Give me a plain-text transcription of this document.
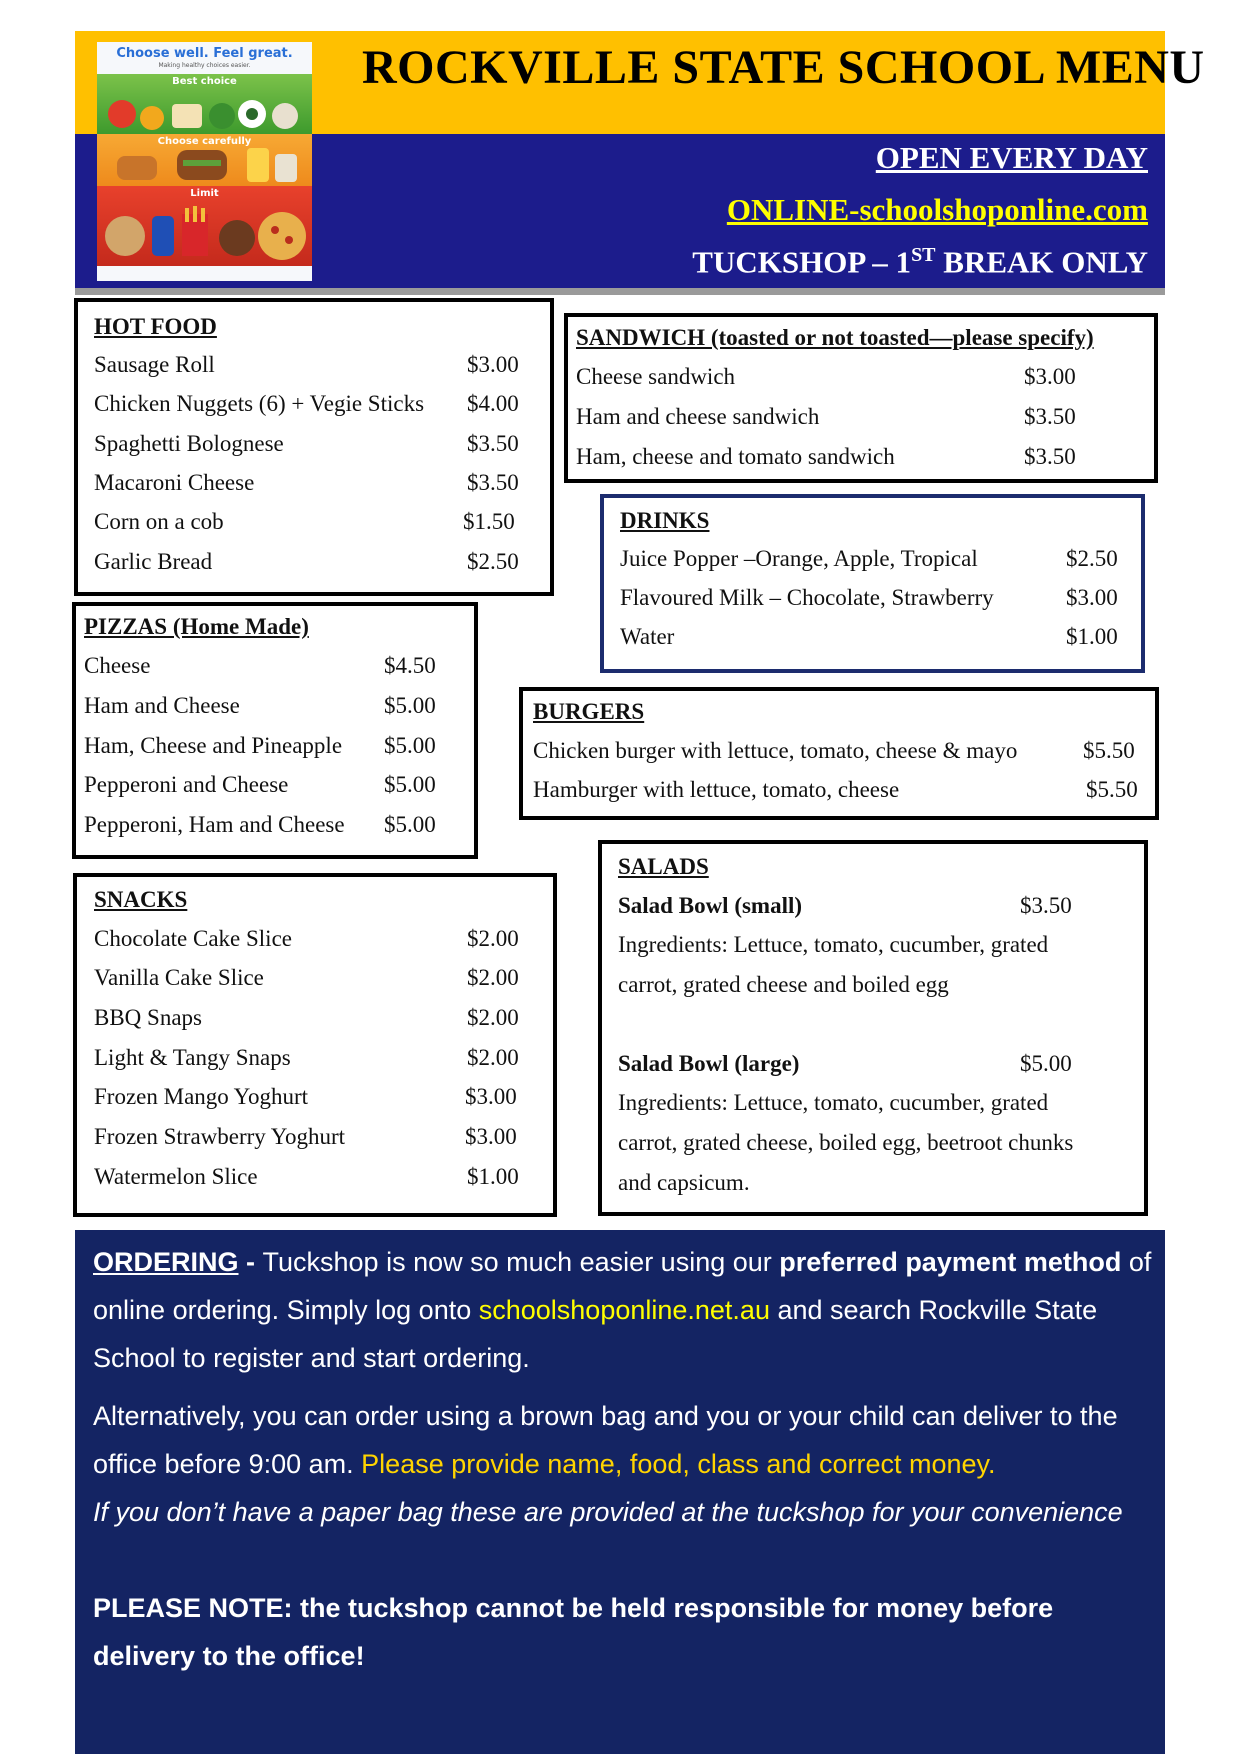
ROCKVILLE STATE SCHOOL MENU
OPEN EVERY DAY
ONLINE-schoolshoponline.com
TUCKSHOP – 1ST BREAK ONLY
Choose well. Feel great.
Making healthy choices easier.
Best choice
Choose carefully
Limit
HOT FOOD
Sausage Roll	$3.00
Chicken Nuggets (6) + Vegie Sticks $4.00
Spaghetti Bolognese	$3.50
Macaroni Cheese	$3.50
Corn on a cob	$1.50
Garlic Bread	$2.50
SANDWICH (toasted or not toasted—please specify)
Cheese sandwich	$3.00
Ham and cheese sandwich	$3.50
Ham, cheese and tomato sandwich	$3.50
DRINKS
Juice Popper –Orange, Apple, Tropical	$2.50
Flavoured Milk – Chocolate, Strawberry	$3.00
Water	$1.00
PIZZAS (Home Made)
Cheese	$4.50
Ham and Cheese	$5.00
Ham, Cheese and Pineapple $5.00
Pepperoni and Cheese	$5.00
Pepperoni, Ham and Cheese $5.00
BURGERS
Chicken burger with lettuce, tomato, cheese & mayo	$5.50
Hamburger with lettuce, tomato, cheese	$5.50
SNACKS
Chocolate Cake Slice	$2.00
Vanilla Cake Slice	$2.00
BBQ Snaps	$2.00
Light & Tangy Snaps	$2.00
Frozen Mango Yoghurt	$3.00
Frozen Strawberry Yoghurt	$3.00
Watermelon Slice	$1.00
SALADS
Salad Bowl (small)	$3.50
Ingredients: Lettuce, tomato, cucumber, grated
carrot, grated cheese and boiled egg
Salad Bowl (large)	$5.00
Ingredients: Lettuce, tomato, cucumber, grated
carrot, grated cheese, boiled egg, beetroot chunks
and capsicum.
ORDERING - Tuckshop is now so much easier using our preferred payment method of online ordering. Simply log onto schoolshoponline.net.au and search Rockville State School to register and start ordering.
Alternatively, you can order using a brown bag and you or your child can deliver to the office before 9:00 am. Please provide name, food, class and correct money.
If you don’t have a paper bag these are provided at the tuckshop for your convenience
PLEASE NOTE: the tuckshop cannot be held responsible for money before delivery to the office!
